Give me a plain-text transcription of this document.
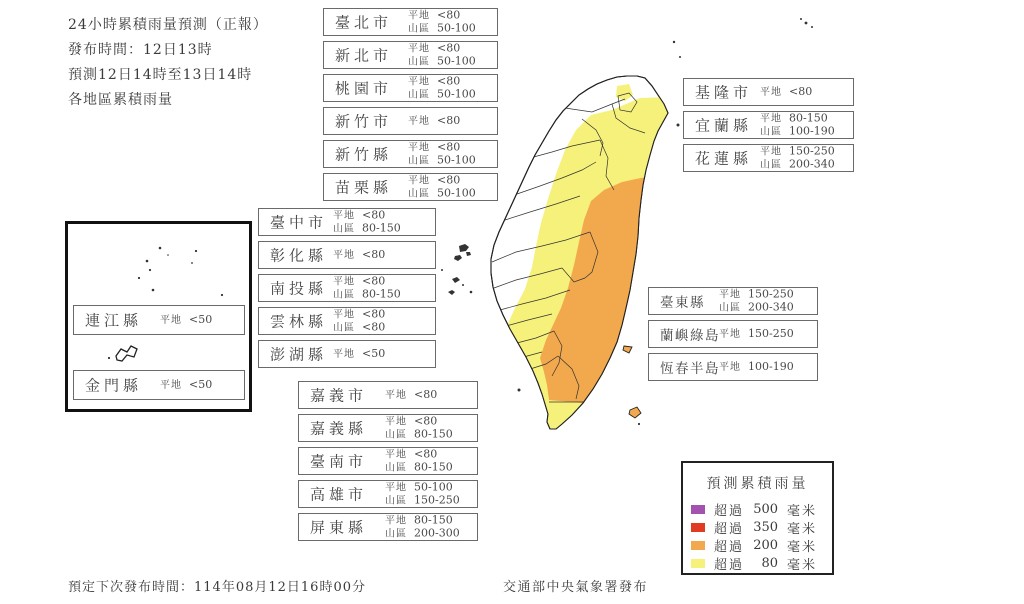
24小時累積雨量預測（正報）
發布時間：12日13時
預測12日14時至13日14時
各地區累積雨量
臺北市 平地 <80
山區 50-100
新北市 平地 <80
山區 50-100
桃園市 平地 <80
山區 50-100
新竹市 平地 <80
新竹縣 平地 <80
山區 50-100
苗栗縣 平地 <80
山區 50-100
臺中市 平地 <80
山區 80-150
彰化縣 平地 <80
南投縣 平地 <80
山區 80-150
雲林縣 平地 <80
山區 <80
澎湖縣 平地 <50
基隆市 平地 <80
宜蘭縣 平地 80-150
山區 100-190
花蓮縣 平地 150-250
山區 200-340
臺東縣 平地 150-250
山區 200-340
蘭嶼綠島 平地 150-250
恆春半島 平地 100-190
嘉義市 平地 <80
嘉義縣 平地 <80
山區 80-150
臺南市 平地 <80
山區 80-150
高雄市 平地 50-100
山區 150-250
屏東縣 平地 80-150
山區 200-300
連江縣 平地 <50
金門縣 平地 <50
預測累積雨量
超過 500 毫米
超過 350 毫米
超過 200 毫米
超過	80 毫米
預定下次發布時間：114年08月12日16時00分	交通部中央氣象署發布
